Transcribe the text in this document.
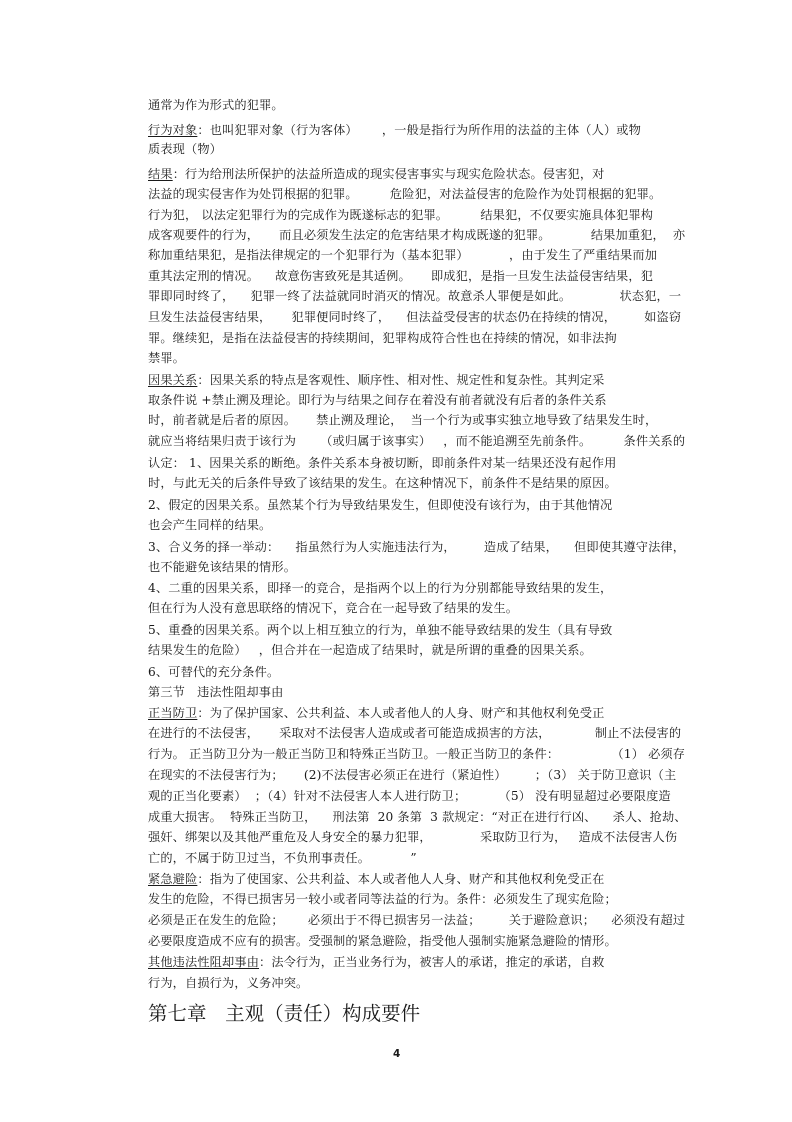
通常为作为形式的犯罪。
行为对象：也叫犯罪对象（行为客体）      ，一般是指行为所作用的法益的主体（人）或物
质表现（物）
结果：行为给刑法所保护的法益所造成的现实侵害事实与现实危险状态。侵害犯，对
法益的现实侵害作为处罚根据的犯罪。        危险犯，对法益侵害的危险作为处罚根据的犯罪。
行为犯， 以法定犯罪行为的完成作为既遂标志的犯罪。        结果犯，不仅要实施具体犯罪构
成客观要件的行为，     而且必须发生法定的危害结果才构成既遂的犯罪。          结果加重犯，  亦
称加重结果犯，是指法律规定的一个犯罪行为（基本犯罪）          ，由于发生了严重结果而加
重其法定刑的情况。    故意伤害致死是其适例。     即成犯，是指一旦发生法益侵害结果，犯
罪即同时终了，    犯罪一终了法益就同时消灭的情况。故意杀人罪便是如此。            状态犯，一
旦发生法益侵害结果，     犯罪便同时终了，    但法益受侵害的状态仍在持续的情况，       如盗窃
罪。继续犯，是指在法益侵害的持续期间，犯罪构成符合性也在持续的情况，如非法拘
禁罪。
因果关系：因果关系的特点是客观性、顺序性、相对性、规定性和复杂性。其判定采
取条件说 +禁止溯及理论。即行为与结果之间存在着没有前者就没有后者的条件关系
时，前者就是后者的原因。     禁止溯及理论，  当一个行为或事实独立地导致了结果发生时，
就应当将结果归责于该行为      （或归属于该事实）   ，而不能追溯至先前条件。        条件关系的
认定： 1、因果关系的断绝。条件关系本身被切断，即前条件对某一结果还没有起作用
时，与此无关的后条件导致了该结果的发生。在这种情况下，前条件不是结果的原因。
2、假定的因果关系。虽然某个行为导致结果发生，但即使没有该行为，由于其他情况
也会产生同样的结果。
3、合义务的择一举动：    指虽然行为人实施违法行为，       造成了结果，    但即使其遵守法律，
也不能避免该结果的情形。
4、二重的因果关系，即择一的竞合，是指两个以上的行为分别都能导致结果的发生，
但在行为人没有意思联络的情况下，竞合在一起导致了结果的发生。
5、重叠的因果关系。两个以上相互独立的行为，单独不能导致结果的发生（具有导致
结果发生的危险）   ，但合并在一起造成了结果时，就是所谓的重叠的因果关系。
6、可替代的充分条件。
第三节   违法性阻却事由
正当防卫：为了保护国家、公共利益、本人或者他人的人身、财产和其他权利免受正
在进行的不法侵害，     采取对不法侵害人造成或者可能造成损害的方法，           制止不法侵害的
行为。 正当防卫分为一般正当防卫和特殊正当防卫。一般正当防卫的条件：             （1） 必须存
在现实的不法侵害行为；     (2)不法侵害必须正在进行（紧迫性）       ；（3） 关于防卫意识（主
观的正当化要素）  ；（4）针对不法侵害人本人进行防卫；        （5） 没有明显超过必要限度造
成重大损害。  特殊正当防卫，    刑法第  20 条第  3 款规定：“对正在进行行凶、    杀人、抢劫、
强奸、绑架以及其他严重危及人身安全的暴力犯罪，            采取防卫行为，   造成不法侵害人伤
亡的，不属于防卫过当，不负刑事责任。          ”
紧急避险：指为了使国家、公共利益、本人或者他人人身、财产和其他权利免受正在
发生的危险，不得已损害另一较小或者同等法益的行为。条件：必须发生了现实危险；
必须是正在发生的危险；      必须出于不得已损害另一法益；       关于避险意识；    必须没有超过
必要限度造成不应有的损害。受强制的紧急避险，指受他人强制实施紧急避险的情形。
其他违法性阻却事由：法令行为，正当业务行为，被害人的承诺，推定的承诺，自救
行为，自损行为，义务冲突。
第七章   主观（责任）构成要件
4
